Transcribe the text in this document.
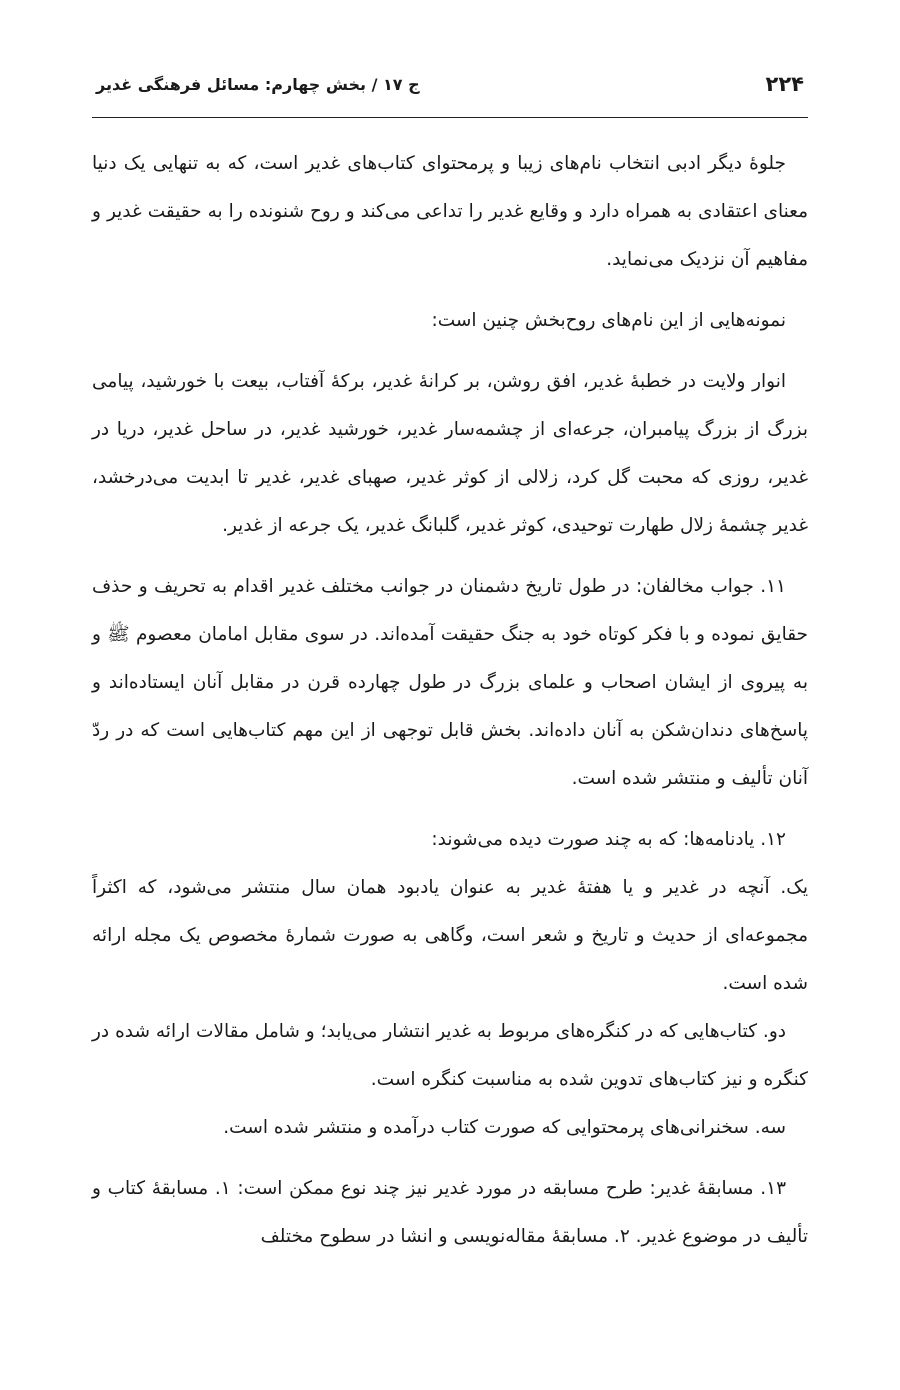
۲۲۴
ج ۱۷ / بخش چهارم: مسائل فرهنگی غدیر

جلوهٔ دیگر ادبی انتخاب نام‌های زیبا و پرمحتوای کتاب‌های غدیر است، که به تنهایی یک دنیا معنای اعتقادی به همراه دارد و وقایع غدیر را تداعی می‌کند و روح شنونده را به حقیقت غدیر و مفاهیم آن نزدیک می‌نماید.

نمونه‌هایی از این نام‌های روح‌بخش چنین است:

انوار ولایت در خطبهٔ غدیر، افق روشن، بر کرانهٔ غدیر، برکهٔ آفتاب، بیعت با خورشید، پیامی بزرگ از بزرگ پیامبران، جرعه‌ای از چشمه‌سار غدیر، خورشید غدیر، در ساحل غدیر، دریا در غدیر، روزی که محبت گل کرد، زلالی از کوثر غدیر، صهبای غدیر، غدیر تا ابدیت می‌درخشد، غدیر چشمهٔ زلال طهارت توحیدی، کوثر غدیر، گلبانگ غدیر، یک جرعه از غدیر.

۱۱. جواب مخالفان: در طول تاریخ دشمنان در جوانب مختلف غدیر اقدام به تحریف و حذف حقایق نموده و با فکر کوتاه خود به جنگ حقیقت آمده‌اند. در سوی مقابل امامان معصوم ﷺ و به پیروی از ایشان اصحاب و علمای بزرگ در طول چهارده قرن در مقابل آنان ایستاده‌اند و پاسخ‌های دندان‌شکن به آنان داده‌اند. بخش قابل توجهی از این مهم کتاب‌هایی است که در ردّ آنان تألیف و منتشر شده است.

۱۲. یادنامه‌ها: که به چند صورت دیده می‌شوند:

یک. آنچه در غدیر و یا هفتهٔ غدیر به عنوان یادبود همان سال منتشر می‌شود، که اکثراً مجموعه‌ای از حدیث و تاریخ و شعر است، وگاهی به صورت شمارهٔ مخصوص یک مجله ارائه شده است.

دو. کتاب‌هایی که در کنگره‌های مربوط به غدیر انتشار می‌یابد؛ و شامل مقالات ارائه شده در کنگره و نیز کتاب‌های تدوین شده به مناسبت کنگره است.

سه. سخنرانی‌های پرمحتوایی که صورت کتاب درآمده و منتشر شده است.

۱۳. مسابقهٔ غدیر: طرح مسابقه در مورد غدیر نیز چند نوع ممکن است: ۱. مسابقهٔ کتاب و تألیف در موضوع غدیر. ۲. مسابقهٔ مقاله‌نویسی و انشا در سطوح مختلف
